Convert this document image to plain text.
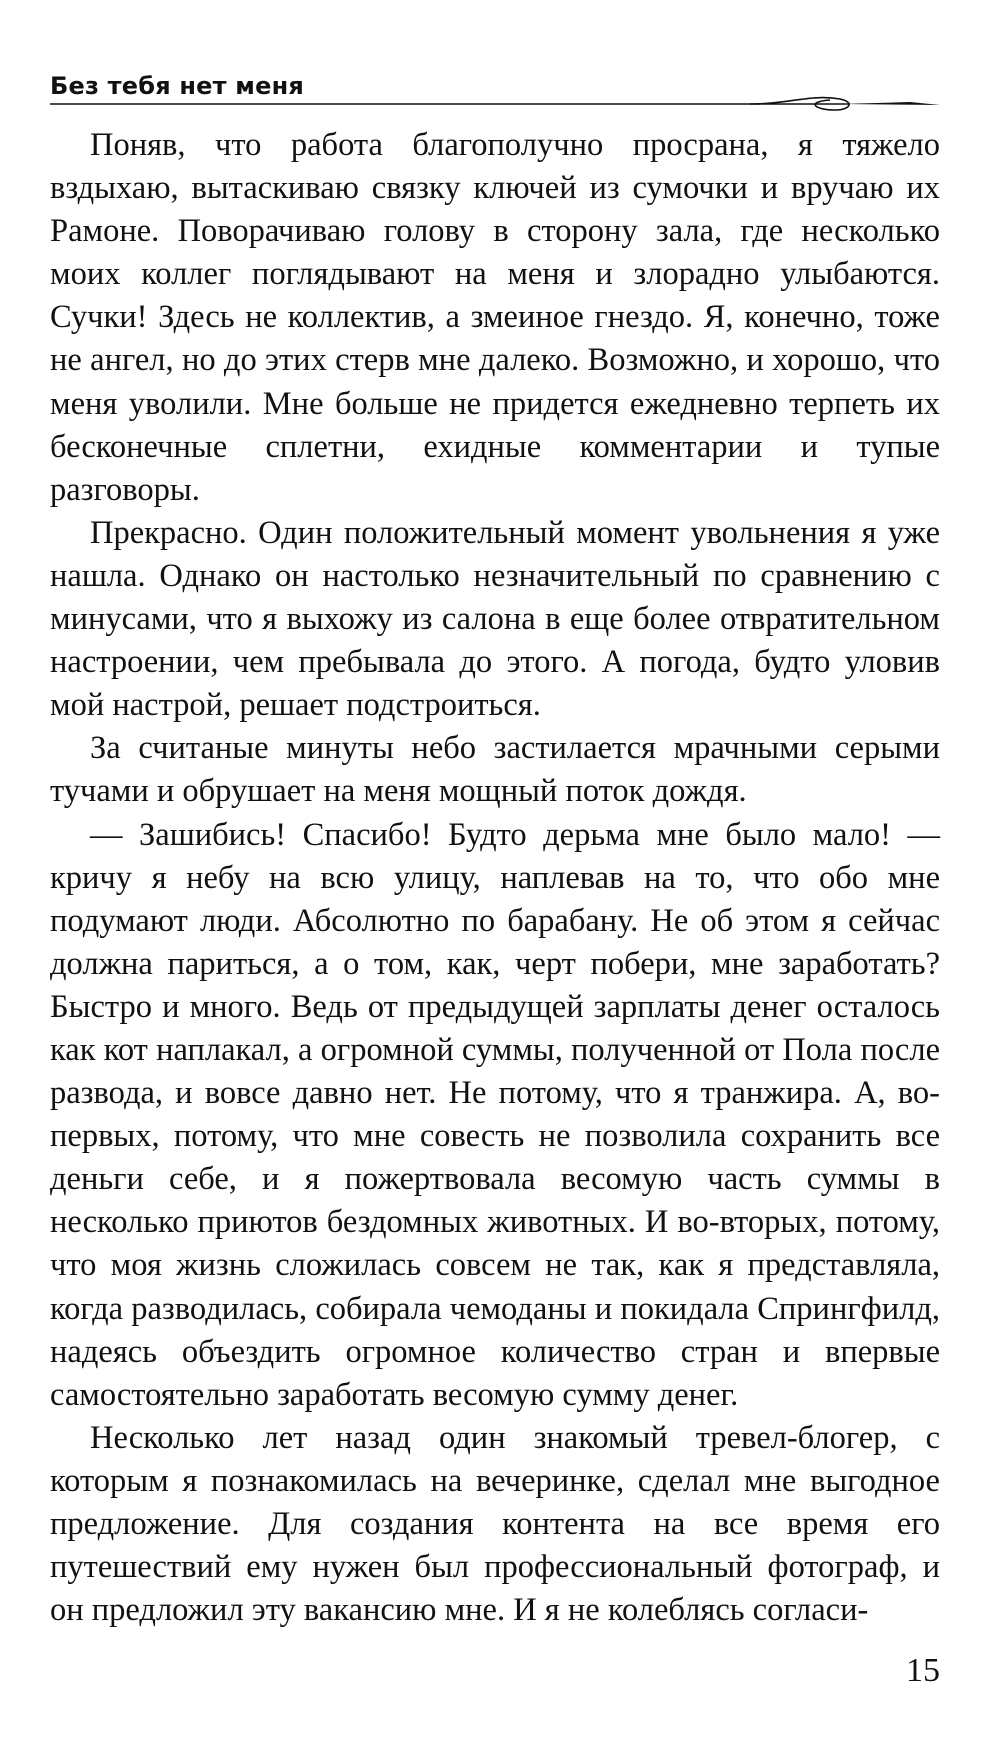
Без тебя нет меня

Поняв, что работа благополучно просрана, я тяжело вздыхаю, вытаскиваю связку ключей из сумочки и вручаю их Рамоне. Поворачиваю голову в сторону зала, где несколько моих коллег поглядывают на меня и злорадно улыбаются. Сучки! Здесь не коллектив, а змеиное гнездо. Я, конечно, тоже не ангел, но до этих стерв мне далеко. Возможно, и хорошо, что меня уволили. Мне больше не придется ежедневно терпеть их бесконечные сплетни, ехидные комментарии и тупые разговоры.

Прекрасно. Один положительный момент увольнения я уже нашла. Однако он настолько незначительный по сравнению с минусами, что я выхожу из салона в еще более отвратительном настроении, чем пребывала до этого. А погода, будто уловив мой настрой, решает подстроиться.

За считаные минуты небо застилается мрачными серыми тучами и обрушает на меня мощный поток дождя.

— Зашибись! Спасибо! Будто дерьма мне было мало! — кричу я небу на всю улицу, наплевав на то, что обо мне подумают люди. Абсолютно по барабану. Не об этом я сейчас должна париться, а о том, как, черт побери, мне заработать? Быстро и много. Ведь от предыдущей зарплаты денег осталось как кот наплакал, а огромной суммы, полученной от Пола после развода, и вовсе давно нет. Не потому, что я транжира. А, во-первых, потому, что мне совесть не позволила сохранить все деньги себе, и я пожертвовала весомую часть суммы в несколько приютов бездомных животных. И во-вторых, потому, что моя жизнь сложилась совсем не так, как я представляла, когда разводилась, собирала чемоданы и покидала Спрингфилд, надеясь объездить огромное количество стран и впервые самостоятельно заработать весомую сумму денег.

Несколько лет назад один знакомый тревел-блогер, с которым я познакомилась на вечеринке, сделал мне выгодное предложение. Для создания контента на все время его путешествий ему нужен был профессиональный фотограф, и он предложил эту вакансию мне. И я не колеблясь согласи-

15
